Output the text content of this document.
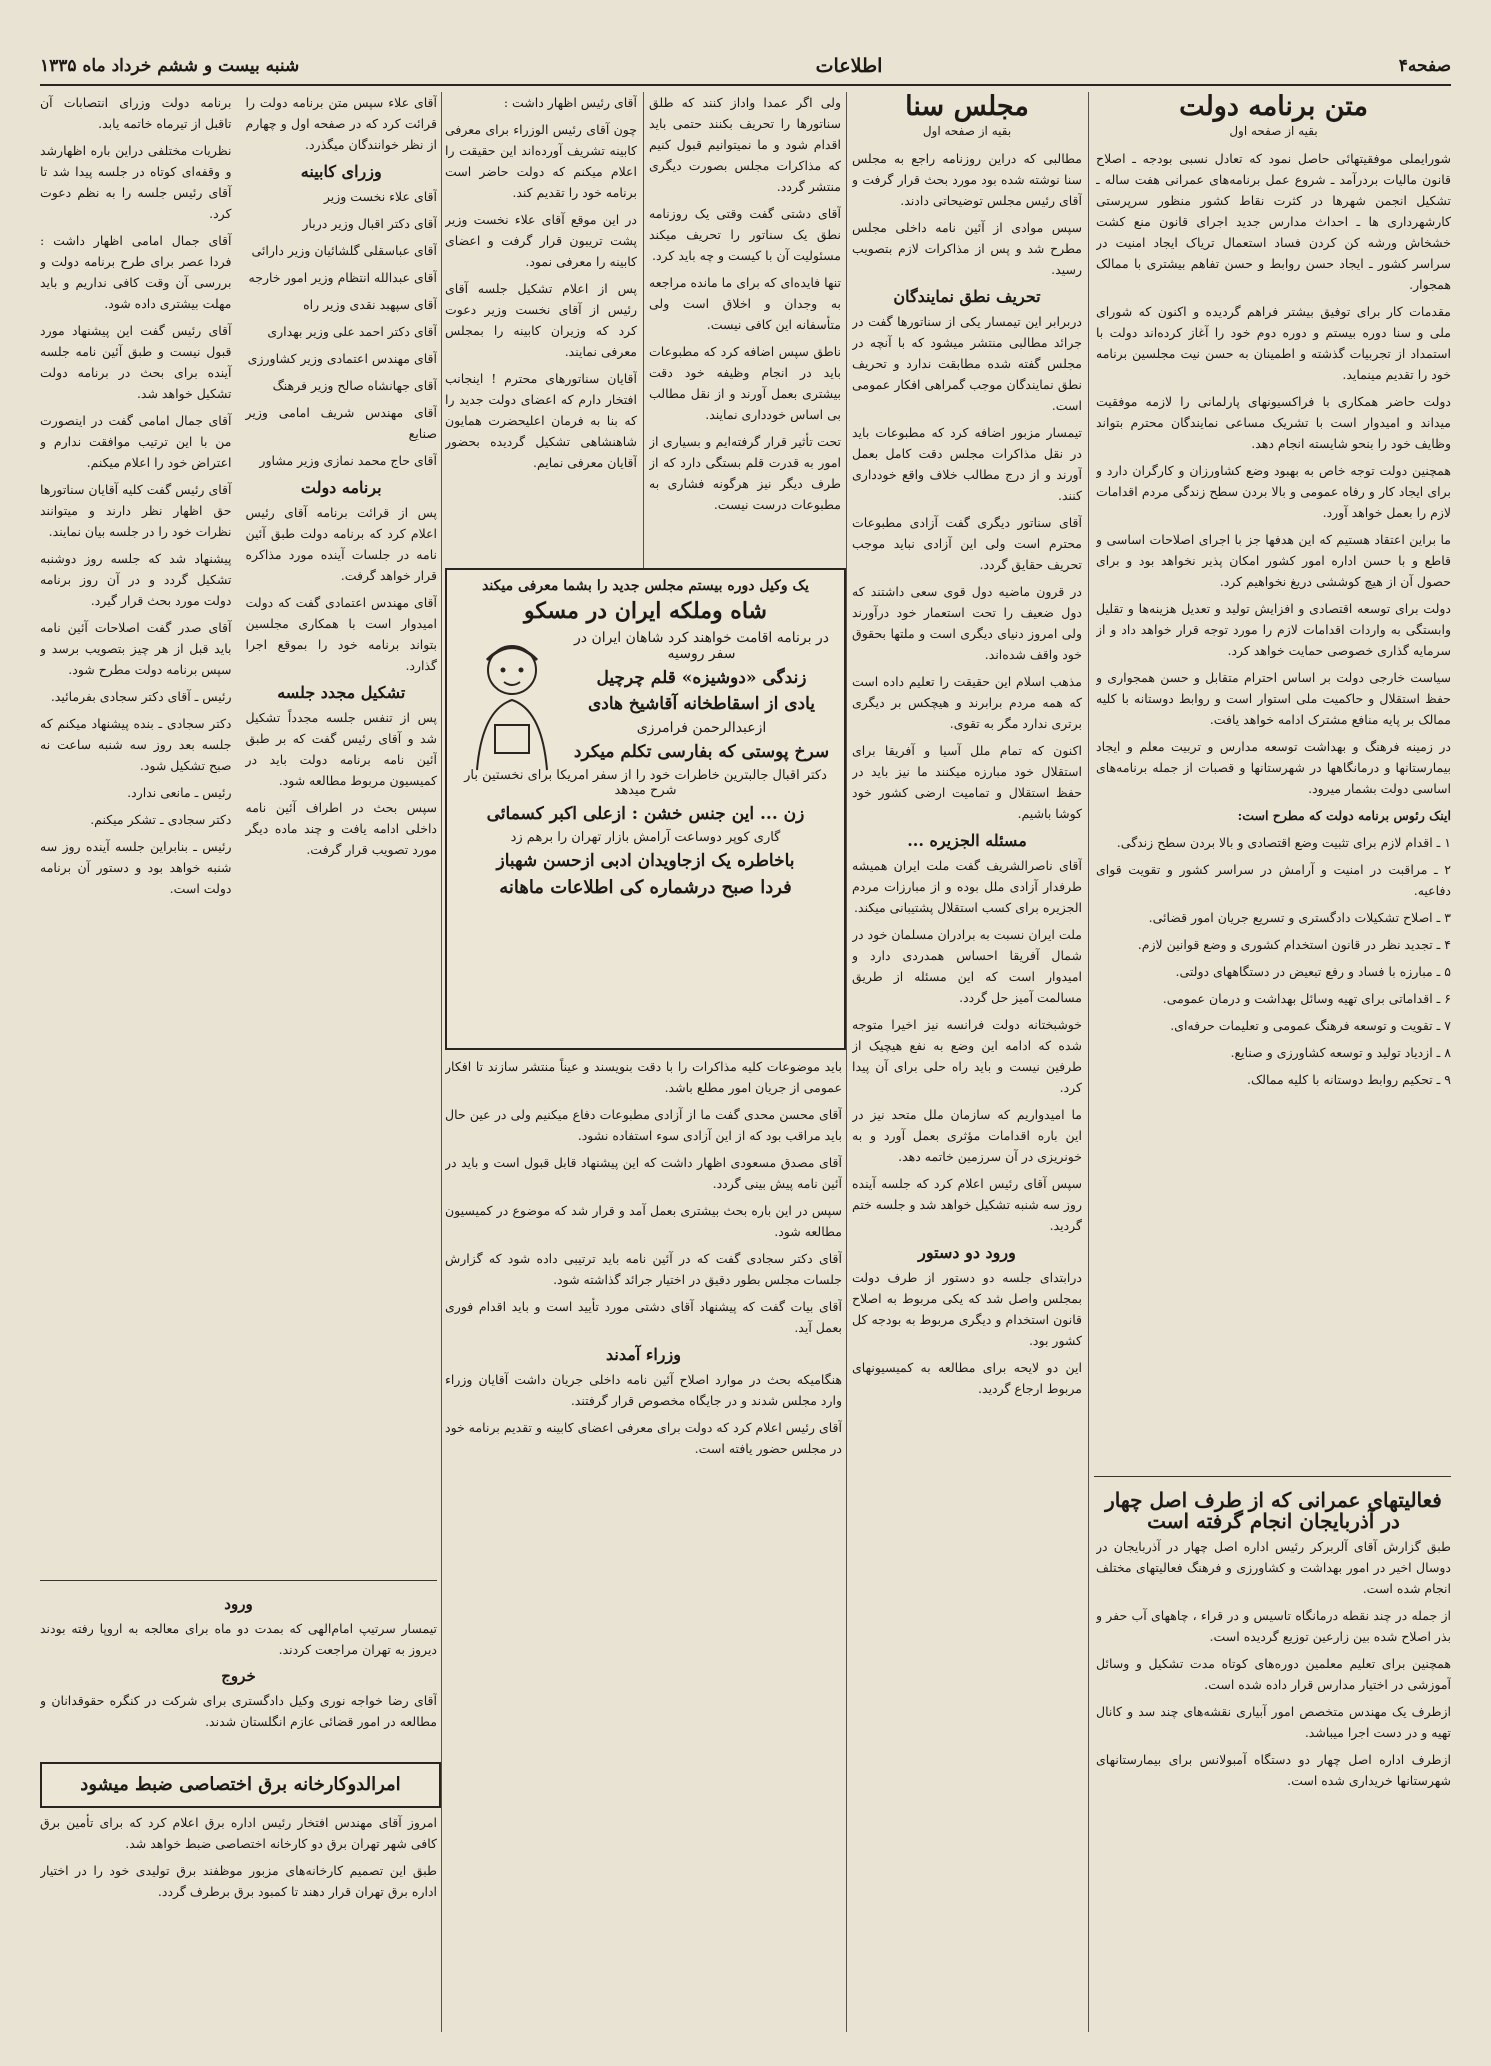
صفحه۴
اطلاعات
شنبه بیست و ششم خرداد ماه ۱۳۳۵
متن برنامه دولت
بقیه از صفحه اول

شورایملی موفقیتهائی حاصل نمود که تعادل نسبی بودجه ـ اصلاح قانون مالیات بردرآمد ـ شروع عمل برنامه‌های عمرانی هفت ساله ـ تشکیل انجمن شهرها در کثرت نقاط کشور منظور سرپرستی کارشهرداری ها ـ احداث مدارس جدید اجرای قانون منع کشت خشخاش ورشه کن کردن فساد استعمال تریاک ایجاد امنیت در سراسر کشور ـ ایجاد حسن روابط و حسن تفاهم بیشتری با ممالک همجوار.

مقدمات کار برای توفیق بیشتر فراهم گردیده و اکنون که شورای ملی و سنا دوره بیستم و دوره دوم خود را آغاز کرده‌اند دولت با استمداد از تجربیات گذشته و اطمینان به حسن نیت مجلسین برنامه خود را تقدیم مینماید.

دولت حاضر همکاری با فراکسیونهای پارلمانی را لازمه موفقیت میداند و امیدوار است با تشریک مساعی نمایندگان محترم بتواند وظایف خود را بنحو شایسته انجام دهد.

همچنین دولت توجه خاص به بهبود وضع کشاورزان و کارگران دارد و برای ایجاد کار و رفاه عمومی و بالا بردن سطح زندگی مردم اقدامات لازم را بعمل خواهد آورد.

ما براین اعتقاد هستیم که این هدفها جز با اجرای اصلاحات اساسی و قاطع و با حسن اداره امور کشور امکان پذیر نخواهد بود و برای حصول آن از هیچ کوششی دریغ نخواهیم کرد.

دولت برای توسعه اقتصادی و افزایش تولید و تعدیل هزینه‌ها و تقلیل وابستگی به واردات اقدامات لازم را مورد توجه قرار خواهد داد و از سرمایه گذاری خصوصی حمایت خواهد کرد.

سیاست خارجی دولت بر اساس احترام متقابل و حسن همجواری و حفظ استقلال و حاکمیت ملی استوار است و روابط دوستانه با کلیه ممالک بر پایه منافع مشترک ادامه خواهد یافت.

در زمینه فرهنگ و بهداشت توسعه مدارس و تربیت معلم و ایجاد بیمارستانها و درمانگاهها در شهرستانها و قصبات از جمله برنامه‌های اساسی دولت بشمار میرود.

اینک رئوس برنامه دولت که مطرح است:

۱ ـ اقدام لازم برای تثبیت وضع اقتصادی و بالا بردن سطح زندگی.

۲ ـ مراقبت در امنیت و آرامش در سراسر کشور و تقویت قوای دفاعیه.

۳ ـ اصلاح تشکیلات دادگستری و تسریع جریان امور قضائی.

۴ ـ تجدید نظر در قانون استخدام کشوری و وضع قوانین لازم.

۵ ـ مبارزه با فساد و رفع تبعیض در دستگاههای دولتی.

۶ ـ اقداماتی برای تهیه وسائل بهداشت و درمان عمومی.

۷ ـ تقویت و توسعه فرهنگ عمومی و تعلیمات حرفه‌ای.

۸ ـ ازدیاد تولید و توسعه کشاورزی و صنایع.

۹ ـ تحکیم روابط دوستانه با کلیه ممالک.

فعالیتهای عمرانی که از طرف اصل چهار در آذربایجان انجام گرفته است

طبق گزارش آقای آلربرکر رئیس اداره اصل چهار در آذربایجان در دوسال اخیر در امور بهداشت و کشاورزی و فرهنگ فعالیتهای مختلف انجام شده است.

از جمله در چند نقطه درمانگاه تاسیس و در قراء ، چاههای آب حفر و بذر اصلاح شده بین زارعین توزیع گردیده است.

همچنین برای تعلیم معلمین دوره‌های کوتاه مدت تشکیل و وسائل آموزشی در اختیار مدارس قرار داده شده است.

ازطرف یک مهندس متخصص امور آبیاری نقشه‌های چند سد و کانال تهیه و در دست اجرا میباشد.

ازطرف اداره اصل چهار دو دستگاه آمبولانس برای بیمارستانهای شهرستانها خریداری شده است.

مجلس سنا
بقیه از صفحه اول

مطالبی که دراین روزنامه راجع به مجلس سنا نوشته شده بود مورد بحث قرار گرفت و آقای رئیس مجلس توضیحاتی دادند.

سپس موادی از آئین نامه داخلی مجلس مطرح شد و پس از مذاکرات لازم بتصویب رسید.

تحریف نطق نمایندگان

دربرابر این تیمسار یکی از سناتورها گفت در جرائد مطالبی منتشر میشود که با آنچه در مجلس گفته شده مطابقت ندارد و تحریف نطق نمایندگان موجب گمراهی افکار عمومی است.

تیمسار مزبور اضافه کرد که مطبوعات باید در نقل مذاکرات مجلس دقت کامل بعمل آورند و از درج مطالب خلاف واقع خودداری کنند.

آقای سناتور دیگری گفت آزادی مطبوعات محترم است ولی این آزادی نباید موجب تحریف حقایق گردد.

در قرون ماضیه دول قوی سعی داشتند که دول ضعیف را تحت استعمار خود درآورند ولی امروز دنیای دیگری است و ملتها بحقوق خود واقف شده‌اند.

مذهب اسلام این حقیقت را تعلیم داده است که همه مردم برابرند و هیچکس بر دیگری برتری ندارد مگر به تقوی.

اکنون که تمام ملل آسیا و آفریقا برای استقلال خود مبارزه میکنند ما نیز باید در حفظ استقلال و تمامیت ارضی کشور خود کوشا باشیم.

مسئله الجزیره ...

آقای ناصرالشریف گفت ملت ایران همیشه طرفدار آزادی ملل بوده و از مبارزات مردم الجزیره برای کسب استقلال پشتیبانی میکند.

ملت ایران نسبت به برادران مسلمان خود در شمال آفریقا احساس همدردی دارد و امیدوار است که این مسئله از طریق مسالمت آمیز حل گردد.

خوشبختانه دولت فرانسه نیز اخیرا متوجه شده که ادامه این وضع به نفع هیچیک از طرفین نیست و باید راه حلی برای آن پیدا کرد.

ما امیدواریم که سازمان ملل متحد نیز در این باره اقدامات مؤثری بعمل آورد و به خونریزی در آن سرزمین خاتمه دهد.

سپس آقای رئیس اعلام کرد که جلسه آینده روز سه شنبه تشکیل خواهد شد و جلسه ختم گردید.

ورود دو دستور

درابتدای جلسه دو دستور از طرف دولت بمجلس واصل شد که یکی مربوط به اصلاح قانون استخدام و دیگری مربوط به بودجه کل کشور بود.

این دو لایحه برای مطالعه به کمیسیونهای مربوط ارجاع گردید.

ولی اگر عمدا واداز کنند که طلق سناتورها را تحریف بکنند حتمی باید اقدام شود و ما نمیتوانیم قبول کنیم که مذاکرات مجلس بصورت دیگری منتشر گردد.

آقای دشتی گفت وقتی یک روزنامه نطق یک سناتور را تحریف میکند مسئولیت آن با کیست و چه باید کرد.

تنها فایده‌ای که برای ما مانده مراجعه به وجدان و اخلاق است ولی متأسفانه این کافی نیست.

ناطق سپس اضافه کرد که مطبوعات باید در انجام وظیفه خود دقت بیشتری بعمل آورند و از نقل مطالب بی اساس خودداری نمایند.

تحت تأثیر قرار گرفته‌ایم و بسیاری از امور به قدرت قلم بستگی دارد که از طرف دیگر نیز هرگونه فشاری به مطبوعات درست نیست.

باید موضوعات کلیه مذاکرات را با دقت بنویسند و عیناً منتشر سازند تا افکار عمومی از جریان امور مطلع باشد.

آقای محسن محدی گفت ما از آزادی مطبوعات دفاع میکنیم ولی در عین حال باید مراقب بود که از این آزادی سوء استفاده نشود.

آقای مصدق مسعودی اظهار داشت که این پیشنهاد قابل قبول است و باید در آئین نامه پیش بینی گردد.

سپس در این باره بحث بیشتری بعمل آمد و قرار شد که موضوع در کمیسیون مطالعه شود.

آقای دکتر سجادی گفت که در آئین نامه باید ترتیبی داده شود که گزارش جلسات مجلس بطور دقیق در اختیار جرائد گذاشته شود.

آقای بیات گفت که پیشنهاد آقای دشتی مورد تأیید است و باید اقدام فوری بعمل آید.

وزراء آمدند

هنگامیکه بحث در موارد اصلاح آئین نامه داخلی جریان داشت آقایان وزراء وارد مجلس شدند و در جایگاه مخصوص قرار گرفتند.

آقای رئیس اعلام کرد که دولت برای معرفی اعضای کابینه و تقدیم برنامه خود در مجلس حضور یافته است.

آقای رئیس اظهار داشت :

چون آقای رئیس الوزراء برای معرفی کابینه تشریف آورده‌اند این حقیقت را اعلام میکنم که دولت حاضر است برنامه خود را تقدیم کند.

در این موقع آقای علاء نخست وزیر پشت تریبون قرار گرفت و اعضای کابینه را معرفی نمود.

پس از اعلام تشکیل جلسه آقای رئیس از آقای نخست وزیر دعوت کرد که وزیران کابینه را بمجلس معرفی نمایند.

آقایان سناتورهای محترم ! اینجانب افتخار دارم که اعضای دولت جدید را که بنا به فرمان اعلیحضرت همایون شاهنشاهی تشکیل گردیده بحضور آقایان معرفی نمایم.

یک وکیل دوره بیستم مجلس جدید را بشما معرفی میکند
شاه وملکه ایران در مسکو
در برنامه اقامت خواهند کرد شاهان ایران در سفر روسیه
زندگی «دوشیزه» قلم چرچیل
یادی از اسقاطخانه آقاشیخ هادی
ازعبدالرحمن فرامرزی
سرخ پوستی که بفارسی تکلم میکرد
دکتر اقبال جالبترین خاطرات خود را از سفر امریکا برای نخستین بار شرح میدهد
زن ... این جنس خشن : ازعلی اکبر کسمائی
گاری کوپر دوساعت آرامش بازار تهران را برهم زد
باخاطره یک ازجاویدان ادبی ازحسن شهباز
فردا صبح درشماره کی اطلاعات ماهانه

آقای علاء سپس متن برنامه دولت را قرائت کرد که در صفحه اول و چهارم از نظر خوانندگان میگذرد.

وزرای کابینه

آقای علاء نخست وزیر

آقای دکتر اقبال وزیر دربار

آقای عباسقلی گلشائیان وزیر دارائی

آقای عبدالله انتظام وزیر امور خارجه

آقای سپهبد نقدی وزیر راه

آقای دکتر احمد علی وزیر بهداری

آقای مهندس اعتمادی وزیر کشاورزی

آقای جهانشاه صالح وزیر فرهنگ

آقای مهندس شریف امامی وزیر صنایع

آقای حاج محمد نمازی وزیر مشاور

برنامه دولت

پس از قرائت برنامه آقای رئیس اعلام کرد که برنامه دولت طبق آئین نامه در جلسات آینده مورد مذاکره قرار خواهد گرفت.

آقای مهندس اعتمادی گفت که دولت امیدوار است با همکاری مجلسین بتواند برنامه خود را بموقع اجرا گذارد.

تشکیل مجدد جلسه

پس از تنفس جلسه مجدداً تشکیل شد و آقای رئیس گفت که بر طبق آئین نامه برنامه دولت باید در کمیسیون مربوط مطالعه شود.

سپس بحث در اطراف آئین نامه داخلی ادامه یافت و چند ماده دیگر مورد تصویب قرار گرفت.

برنامه دولت وزرای انتصابات آن تاقبل از تیرماه خاتمه یابد.

نظریات مختلفی دراین باره اظهارشد و وقفه‌ای کوتاه در جلسه پیدا شد تا آقای رئیس جلسه را به نظم دعوت کرد.

آقای جمال امامی اظهار داشت : فردا عصر برای طرح برنامه دولت و بررسی آن وقت کافی نداریم و باید مهلت بیشتری داده شود.

آقای رئیس گفت این پیشنهاد مورد قبول نیست و طبق آئین نامه جلسه آینده برای بحث در برنامه دولت تشکیل خواهد شد.

آقای جمال امامی گفت در اینصورت من با این ترتیب موافقت ندارم و اعتراض خود را اعلام میکنم.

آقای رئیس گفت کلیه آقایان سناتورها حق اظهار نظر دارند و میتوانند نظرات خود را در جلسه بیان نمایند.

پیشنهاد شد که جلسه روز دوشنبه تشکیل گردد و در آن روز برنامه دولت مورد بحث قرار گیرد.

آقای صدر گفت اصلاحات آئین نامه باید قبل از هر چیز بتصویب برسد و سپس برنامه دولت مطرح شود.

رئیس ـ آقای دکتر سجادی بفرمائید.

دکتر سجادی ـ بنده پیشنهاد میکنم که جلسه بعد روز سه شنبه ساعت نه صبح تشکیل شود.

رئیس ـ مانعی ندارد.

دکتر سجادی ـ تشکر میکنم.

رئیس ـ بنابراین جلسه آینده روز سه شنبه خواهد بود و دستور آن برنامه دولت است.

ورود

تیمسار سرتیپ امام‌الهی که بمدت دو ماه برای معالجه به اروپا رفته بودند دیروز به تهران مراجعت کردند.

خروج

آقای رضا خواجه نوری وکیل دادگستری برای شرکت در کنگره حقوقدانان و مطالعه در امور قضائی عازم انگلستان شدند.

امرالدوکارخانه برق اختصاصی ضبط میشود

امروز آقای مهندس افتخار رئیس اداره برق اعلام کرد که برای تأمین برق کافی شهر تهران برق دو کارخانه اختصاصی ضبط خواهد شد.

طبق این تصمیم کارخانه‌های مزبور موظفند برق تولیدی خود را در اختیار اداره برق تهران قرار دهند تا کمبود برق برطرف گردد.
